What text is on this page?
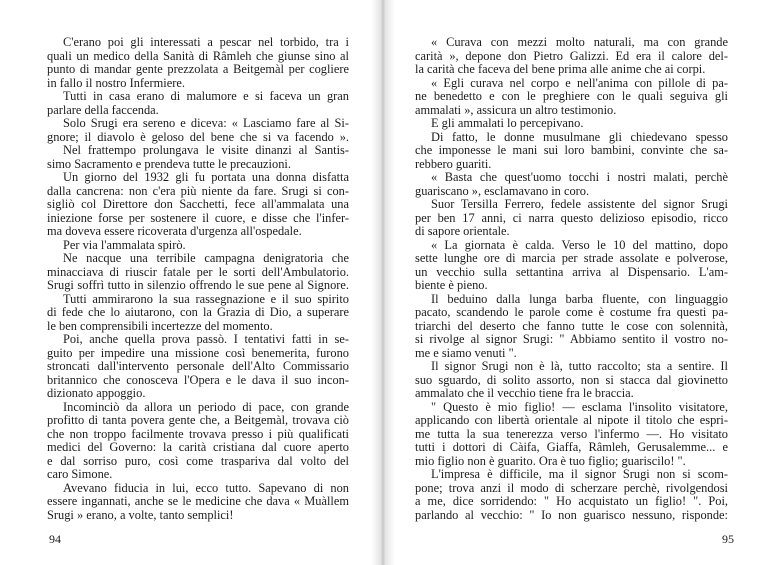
C'erano poi gli interessati a pescar nel torbido, tra i
quali un medico della Sanità di Râmleh che giunse sino al
punto di mandar gente prezzolata a Beitgemàl per cogliere
in fallo il nostro Infermiere.
Tutti in casa erano di malumore e si faceva un gran
parlare della faccenda.
Solo Srugi era sereno e diceva: « Lasciamo fare al Si-
gnore; il diavolo è geloso del bene che si va facendo ».
Nel frattempo prolungava le visite dinanzi al Santis-
simo Sacramento e prendeva tutte le precauzioni.
Un giorno del 1932 gli fu portata una donna disfatta
dalla cancrena: non c'era più niente da fare. Srugi si con-
sigliò col Direttore don Sacchetti, fece all'ammalata una
iniezione forse per sostenere il cuore, e disse che l'infer-
ma doveva essere ricoverata d'urgenza all'ospedale.
Per via l'ammalata spirò.
Ne nacque una terribile campagna denigratoria che
minacciava di riuscir fatale per le sorti dell'Ambulatorio.
Srugi soffrì tutto in silenzio offrendo le sue pene al Signore.
Tutti ammirarono la sua rassegnazione e il suo spirito
di fede che lo aiutarono, con la Grazia di Dio, a superare
le ben comprensibili incertezze del momento.
Poi, anche quella prova passò. I tentativi fatti in se-
guito per impedire una missione così benemerita, furono
stroncati dall'intervento personale dell'Alto Commissario
britannico che conosceva l'Opera e le dava il suo incon-
dizionato appoggio.
Incominciò da allora un periodo di pace, con grande
profitto di tanta povera gente che, a Beitgemàl, trovava ciò
che non troppo facilmente trovava presso i più qualificati
medici del Governo: la carità cristiana dal cuore aperto
e dal sorriso puro, così come traspariva dal volto del
caro Simone.
Avevano fiducia in lui, ecco tutto. Sapevano di non
essere ingannati, anche se le medicine che dava « Muàllem
Srugi » erano, a volte, tanto semplici!
94
« Curava con mezzi molto naturali, ma con grande
carità », depone don Pietro Galizzi. Ed era il calore del-
la carità che faceva del bene prima alle anime che ai corpi.
« Egli curava nel corpo e nell'anima con pillole di pa-
ne benedetto e con le preghiere con le quali seguiva gli
ammalati », assicura un altro testimonio.
E gli ammalati lo percepivano.
Di fatto, le donne musulmane gli chiedevano spesso
che imponesse le mani sui loro bambini, convinte che sa-
rebbero guariti.
« Basta che quest'uomo tocchi i nostri malati, perchè
guariscano », esclamavano in coro.
Suor Tersilla Ferrero, fedele assistente del signor Srugi
per ben 17 anni, ci narra questo delizioso episodio, ricco
di sapore orientale.
« La giornata è calda. Verso le 10 del mattino, dopo
sette lunghe ore di marcia per strade assolate e polverose,
un vecchio sulla settantina arriva al Dispensario. L'am-
biente è pieno.
Il beduino dalla lunga barba fluente, con linguaggio
pacato, scandendo le parole come è costume fra questi pa-
triarchi del deserto che fanno tutte le cose con solennità,
si rivolge al signor Srugi: " Abbiamo sentito il vostro no-
me e siamo venuti ".
Il signor Srugi non è là, tutto raccolto; sta a sentire. Il
suo sguardo, di solito assorto, non si stacca dal giovinetto
ammalato che il vecchio tiene fra le braccia.
" Questo è mio figlio! — esclama l'insolito visitatore,
applicando con libertà orientale al nipote il titolo che espri-
me tutta la sua tenerezza verso l'infermo —. Ho visitato
tutti i dottori di Càifa, Giaffa, Râmleh, Gerusalemme... e
mio figlio non è guarito. Ora è tuo figlio; guariscilo! ".
L'impresa è difficile, ma il signor Srugi non si scom-
pone; trova anzi il modo di scherzare perchè, rivolgendosi
a me, dice sorridendo: " Ho acquistato un figlio! ". Poi,
parlando al vecchio: " Io non guarisco nessuno, risponde:
95
